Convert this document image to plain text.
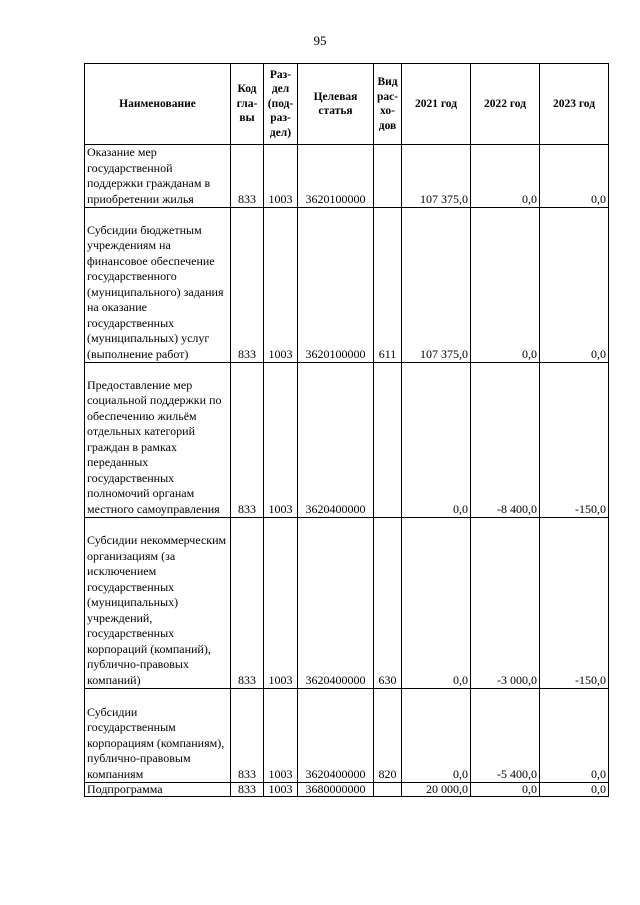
95
Наименование	Код гла-вы	Раз-дел (под-раз-дел)	Целевая статья	Вид рас-хо-дов	2021 год	2022 год	2023 год
Оказание мер государственной поддержки гражданам в приобретении жилья	833	1003	3620100000		107 375,0	0,0	0,0
Субсидии бюджетным учреждениям на финансовое обеспечение государственного (муниципального) задания на оказание государственных (муниципальных) услуг (выполнение работ)	833	1003	3620100000	611	107 375,0	0,0	0,0
Предоставление мер социальной поддержки по обеспечению жильём отдельных категорий граждан в рамках переданных государственных полномочий органам местного самоуправления	833	1003	3620400000		0,0	-8 400,0	-150,0
Субсидии некоммерческим организациям (за исключением государственных (муниципальных) учреждений, государственных корпораций (компаний), публично-правовых компаний)	833	1003	3620400000	630	0,0	-3 000,0	-150,0
Субсидии государственным корпорациям (компаниям), публично-правовым компаниям	833	1003	3620400000	820	0,0	-5 400,0	0,0
Подпрограмма	833	1003	3680000000		20 000,0	0,0	0,0
